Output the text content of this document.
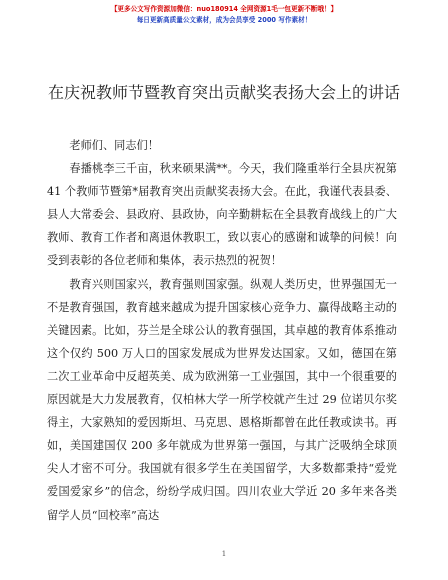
【更多公文写作资源加微信：nuo180914 全网资源1毛一包更新不断哦！】
每日更新高质量公文素材，成为会员享受 2000 写作素材！
在庆祝教师节暨教育突出贡献奖表扬大会上的讲话

老师们、同志们！

春播桃李三千亩，秋来硕果满**。今天，我们隆重举行全县庆祝第 41 个教师节暨第*届教育突出贡献奖表扬大会。在此，我谨代表县委、县人大常委会、县政府、县政协，向辛勤耕耘在全县教育战线上的广大教师、教育工作者和离退休教职工，致以衷心的感谢和诚挚的问候！向受到表彰的各位老师和集体，表示热烈的祝贺！

教育兴则国家兴，教育强则国家强。纵观人类历史，世界强国无一不是教育强国，教育越来越成为提升国家核心竞争力、赢得战略主动的关键因素。比如，芬兰是全球公认的教育强国，其卓越的教育体系推动这个仅约 500 万人口的国家发展成为世界发达国家。又如，德国在第二次工业革命中反超英美、成为欧洲第一工业强国，其中一个很重要的原因就是大力发展教育，仅柏林大学一所学校就产生过 29 位诺贝尔奖得主，大家熟知的爱因斯坦、马克思、恩格斯都曾在此任教或读书。再如，美国建国仅 200 多年就成为世界第一强国，与其广泛吸纳全球顶尖人才密不可分。我国就有很多学生在美国留学，大多数都秉持“爱党爱国爱家乡”的信念，纷纷学成归国。四川农业大学近 20 多年来各类留学人员“回校率”高达

1
